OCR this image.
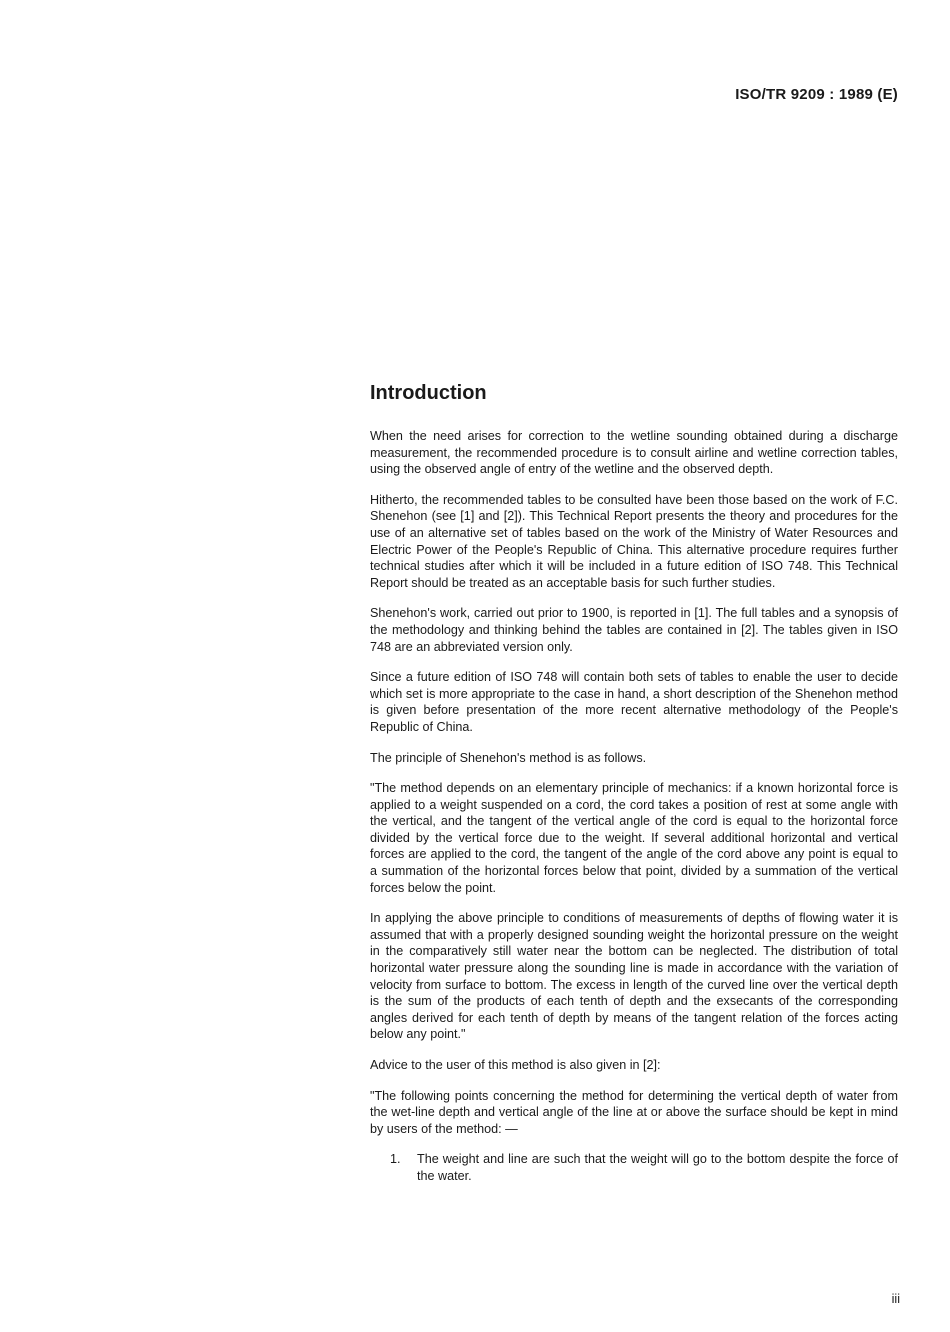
ISO/TR 9209 : 1989 (E)

Introduction

When the need arises for correction to the wetline sounding obtained during a discharge measurement, the recommended procedure is to consult airline and wetline correction tables, using the observed angle of entry of the wetline and the observed depth.

Hitherto, the recommended tables to be consulted have been those based on the work of F.C. Shenehon (see [1] and [2]). This Technical Report presents the theory and procedures for the use of an alternative set of tables based on the work of the Ministry of Water Resources and Electric Power of the People's Republic of China. This alternative procedure requires further technical studies after which it will be included in a future edition of ISO 748. This Technical Report should be treated as an acceptable basis for such further studies.

Shenehon's work, carried out prior to 1900, is reported in [1]. The full tables and a synopsis of the methodology and thinking behind the tables are contained in [2]. The tables given in ISO 748 are an abbreviated version only.

Since a future edition of ISO 748 will contain both sets of tables to enable the user to decide which set is more appropriate to the case in hand, a short description of the Shenehon method is given before presentation of the more recent alternative methodology of the People's Republic of China.

The principle of Shenehon's method is as follows.

"The method depends on an elementary principle of mechanics: if a known horizontal force is applied to a weight suspended on a cord, the cord takes a position of rest at some angle with the vertical, and the tangent of the vertical angle of the cord is equal to the horizontal force divided by the vertical force due to the weight. If several additional horizontal and vertical forces are applied to the cord, the tangent of the angle of the cord above any point is equal to a summation of the horizontal forces below that point, divided by a summation of the vertical forces below the point.

In applying the above principle to conditions of measurements of depths of flowing water it is assumed that with a properly designed sounding weight the horizontal pressure on the weight in the comparatively still water near the bottom can be neglected. The distribution of total horizontal water pressure along the sounding line is made in accordance with the variation of velocity from surface to bottom. The excess in length of the curved line over the vertical depth is the sum of the products of each tenth of depth and the exsecants of the corresponding angles derived for each tenth of depth by means of the tangent relation of the forces acting below any point."

Advice to the user of this method is also given in [2]:

"The following points concerning the method for determining the vertical depth of water from the wet-line depth and vertical angle of the line at or above the surface should be kept in mind by users of the method: —

1.	The weight and line are such that the weight will go to the bottom despite the force of the water.

iii
